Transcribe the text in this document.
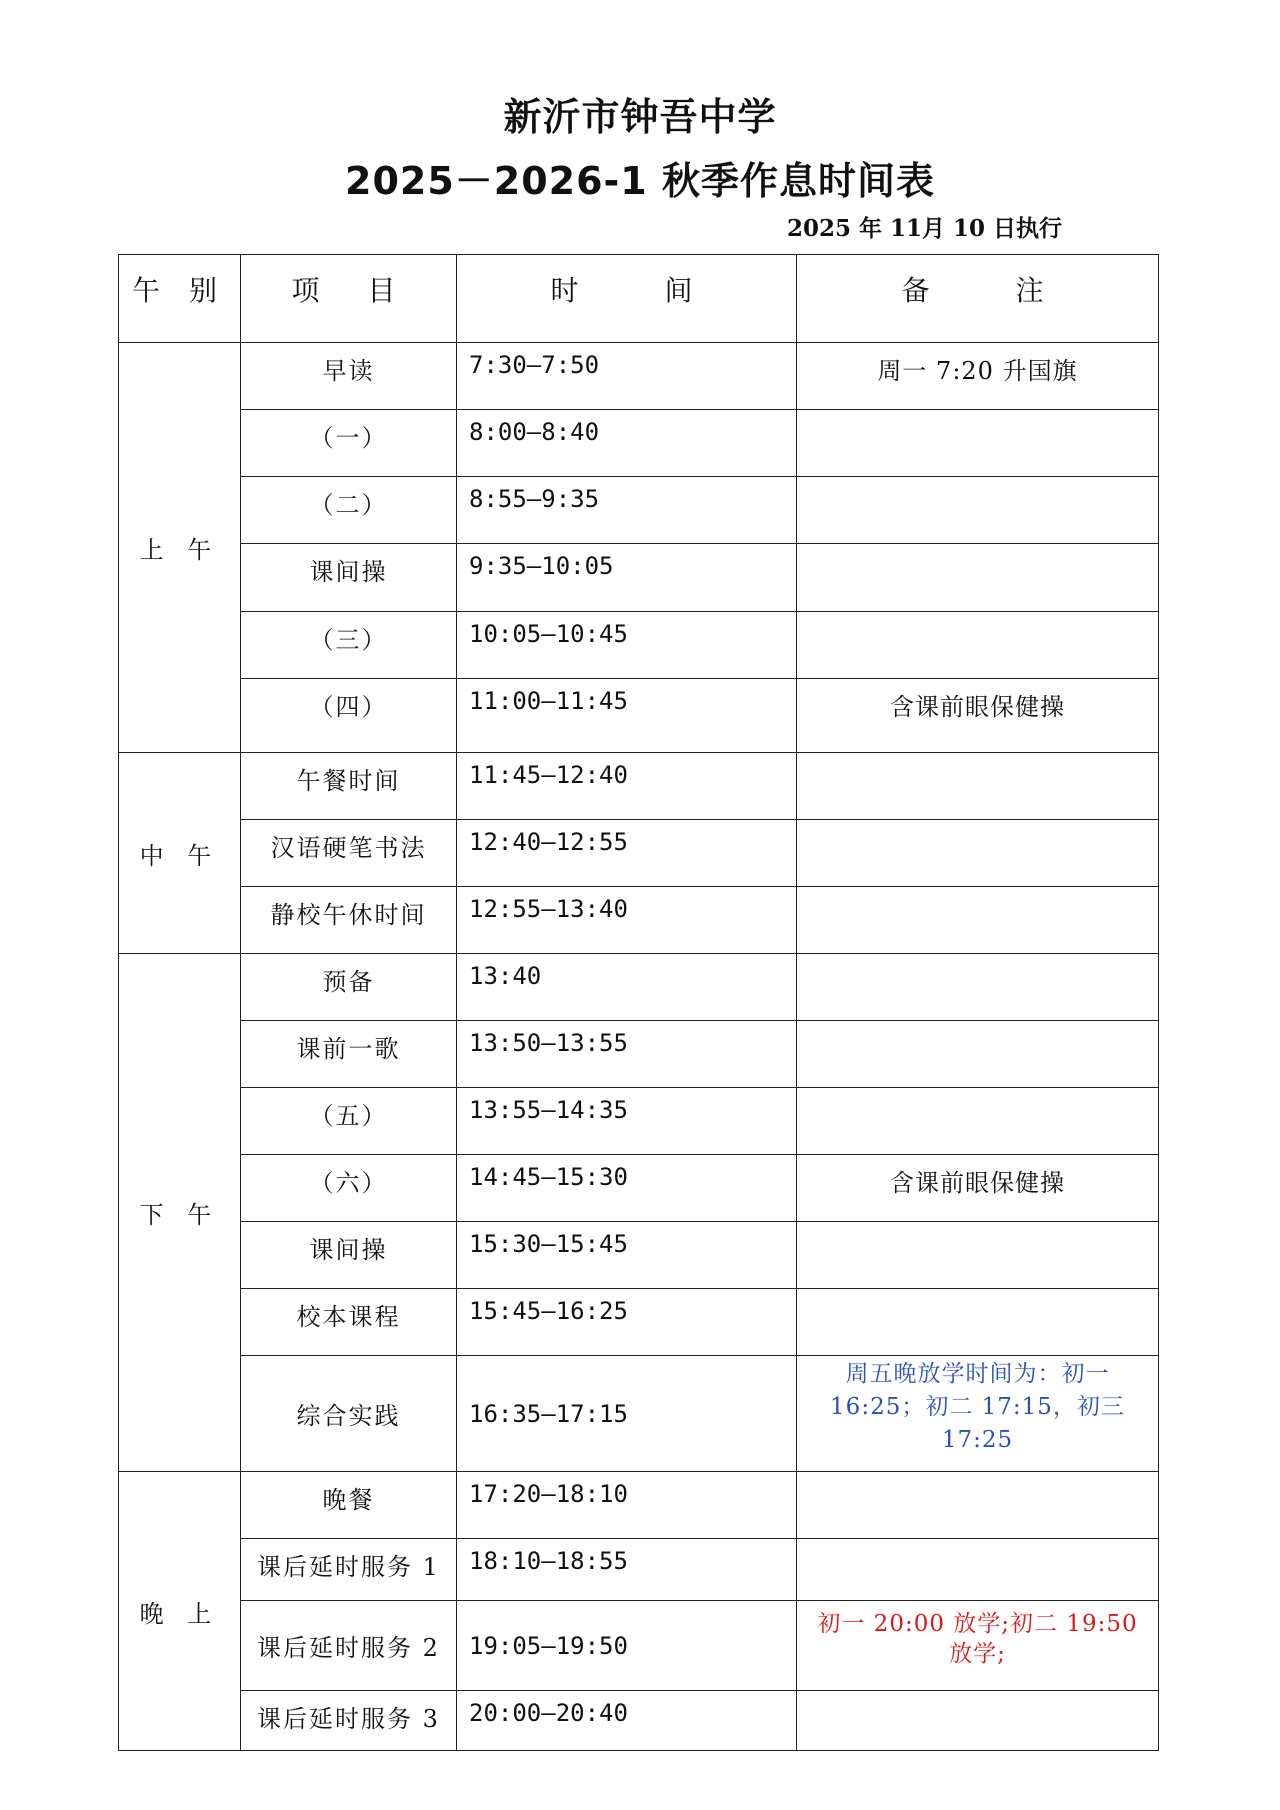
新沂市钟吾中学
2025－2026-1 秋季作息时间表
2025 年 11月 10 日执行
午 别	项　目	时　　间	备　　注
上 午	早读	7:30—7:50	周一 7:20 升国旗
	（一）	8:00—8:40	
	（二）	8:55—9:35	
	课间操	9:35—10:05	
	（三）	10:05—10:45	
	（四）	11:00—11:45	含课前眼保健操
中 午	午餐时间	11:45—12:40	
	汉语硬笔书法	12:40—12:55	
	静校午休时间	12:55—13:40	
下 午	预备	13:40	
	课前一歌	13:50—13:55	
	（五）	13:55—14:35	
	（六）	14:45—15:30	含课前眼保健操
	课间操	15:30—15:45	
	校本课程	15:45—16:25	
	综合实践	16:35—17:15	周五晚放学时间为：初一 16:25；初二 17:15，初三 17:25
晚 上	晚餐	17:20—18:10	
	课后延时服务 1	18:10—18:55	
	课后延时服务 2	19:05—19:50	初一 20:00 放学;初二 19:50 放学;
	课后延时服务 3	20:00—20:40	
